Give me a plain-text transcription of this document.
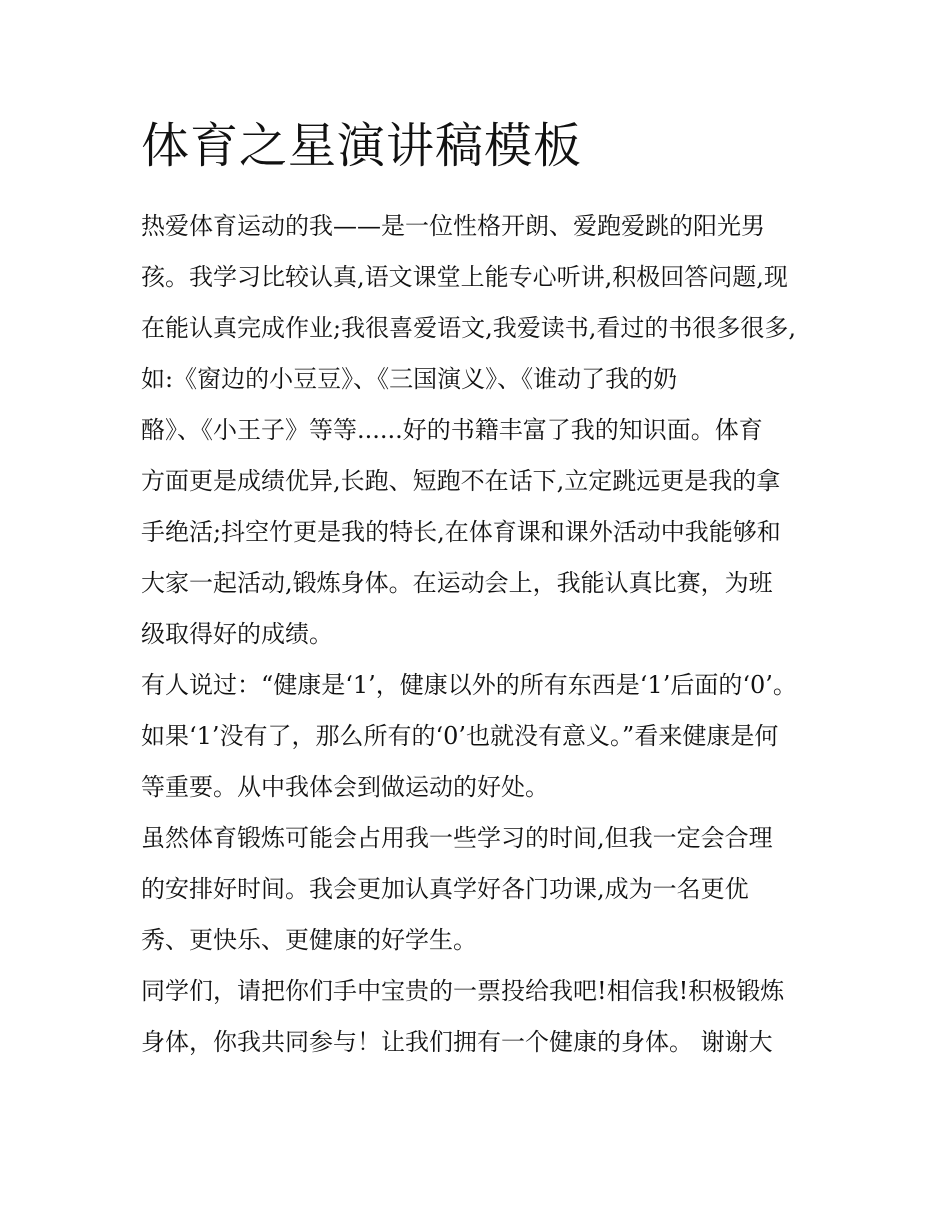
体育之星演讲稿模板
热爱体育运动的我——是一位性格开朗、爱跑爱跳的阳光男
孩。我学习比较认真,语文课堂上能专心听讲,积极回答问题,现
在能认真完成作业;我很喜爱语文,我爱读书,看过的书很多很多,
如:《窗边的小豆豆》、《三国演义》、《谁动了我的奶
酪》、《小王子》等等......好的书籍丰富了我的知识面。体育
方面更是成绩优异,长跑、短跑不在话下,立定跳远更是我的拿
手绝活;抖空竹更是我的特长,在体育课和课外活动中我能够和
大家一起活动,锻炼身体。在运动会上，我能认真比赛，为班
级取得好的成绩。
有人说过：“健康是‘1’，健康以外的所有东西是‘1’后面的‘0’。
如果‘1’没有了，那么所有的‘0’也就没有意义。”看来健康是何
等重要。从中我体会到做运动的好处。
虽然体育锻炼可能会占用我一些学习的时间,但我一定会合理
的安排好时间。我会更加认真学好各门功课,成为一名更优
秀、更快乐、更健康的好学生。
同学们，请把你们手中宝贵的一票投给我吧!相信我!积极锻炼
身体，你我共同参与！让我们拥有一个健康的身体。 谢谢大
